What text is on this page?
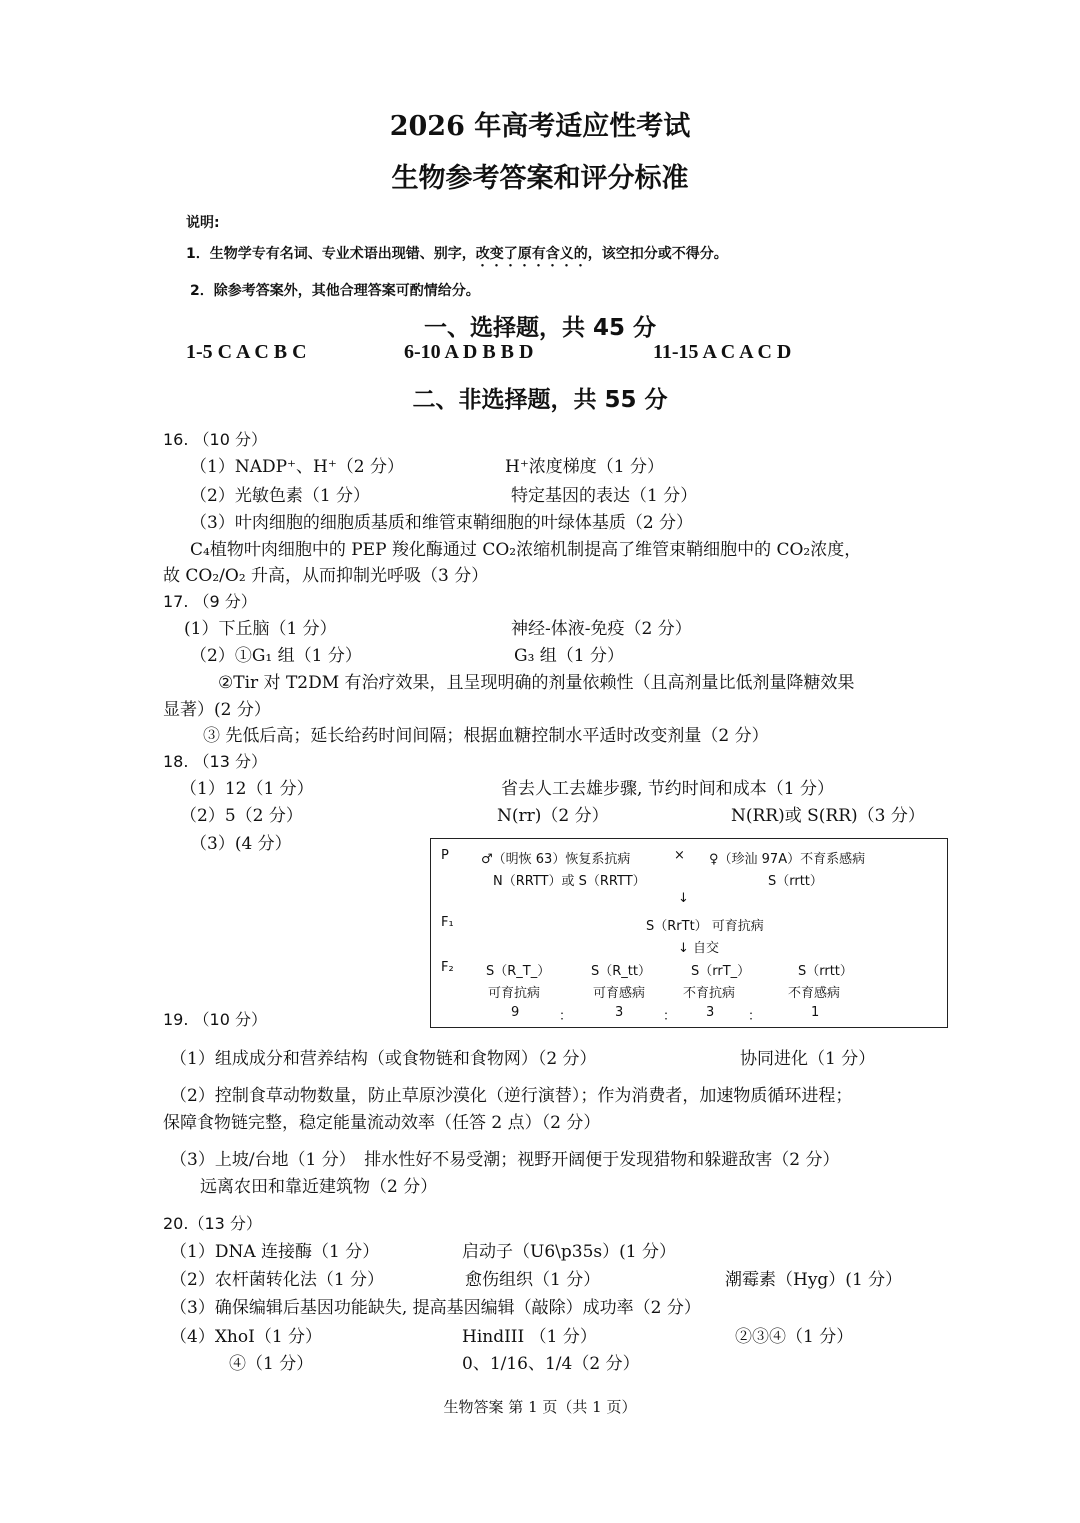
2026 年高考适应性考试
生物参考答案和评分标准
说明:
1．生物学专有名词、专业术语出现错、别字，改变了原有含义的，该空扣分或不得分。
2．除参考答案外，其他合理答案可酌情给分。
一、选择题，共 45 分
1-5 C A C B C	6-10 A D B B D	11-15 A C A C D
二、非选择题，共 55 分
16. （10 分）
（1）NADP⁺、H⁺（2 分）	H⁺浓度梯度（1 分）
（2）光敏色素（1 分）	特定基因的表达（1 分）
（3）叶肉细胞的细胞质基质和维管束鞘细胞的叶绿体基质（2 分）
C₄植物叶肉细胞中的 PEP 羧化酶通过 CO₂浓缩机制提高了维管束鞘细胞中的 CO₂浓度，
故 CO₂/O₂ 升高，从而抑制光呼吸（3 分）
17. （9 分）
(1）下丘脑（1 分）	神经-体液-免疫（2 分）
（2）①G₁ 组（1 分）	G₃ 组（1 分）
②Tir 对 T2DM 有治疗效果，且呈现明确的剂量依赖性（且高剂量比低剂量降糖效果
显著）(2 分）
③ 先低后高；延长给药时间间隔；根据血糖控制水平适时改变剂量（2 分）
18. （13 分）
（1）12（1 分）	省去人工去雄步骤, 节约时间和成本（1 分）
（2）5（2 分）	N(rr)（2 分）	N(RR)或 S(RR)（3 分）
（3）(4 分）
P ♂（明恢 63）恢复系抗病	× ♀（珍汕 97A）不育系感病
N（RRTT）或 S（RRTT）	S（rrtt）
↓
F₁	S（RrTt） 可育抗病
↓ 自交
F₂ S（R_T_）	S（R_tt）	S（rrT_）	S（rrtt）
可育抗病	可育感病	不育抗病	不育感病
9	：	3	： 3	：	1
19. （10 分）
（1）组成成分和营养结构（或食物链和食物网）（2 分）	协同进化（1 分）
（2）控制食草动物数量，防止草原沙漠化（逆行演替）；作为消费者，加速物质循环进程；
保障食物链完整，稳定能量流动效率（任答 2 点）（2 分）
（3）上坡/台地（1 分）　排水性好不易受潮；视野开阔便于发现猎物和躲避敌害（2 分）
远离农田和靠近建筑物（2 分）
20.（13 分）
（1）DNA 连接酶（1 分）	启动子（U6\p35s）(1 分）
（2）农杆菌转化法（1 分）	愈伤组织（1 分）	潮霉素（Hyg）(1 分）
（3）确保编辑后基因功能缺失, 提高基因编辑（敲除）成功率（2 分）
（4）XhoI（1 分）	HindIII （1 分）	②③④（1 分）
④（1 分）	0、1/16、1/4（2 分）
生物答案 第 1 页（共 1 页）
